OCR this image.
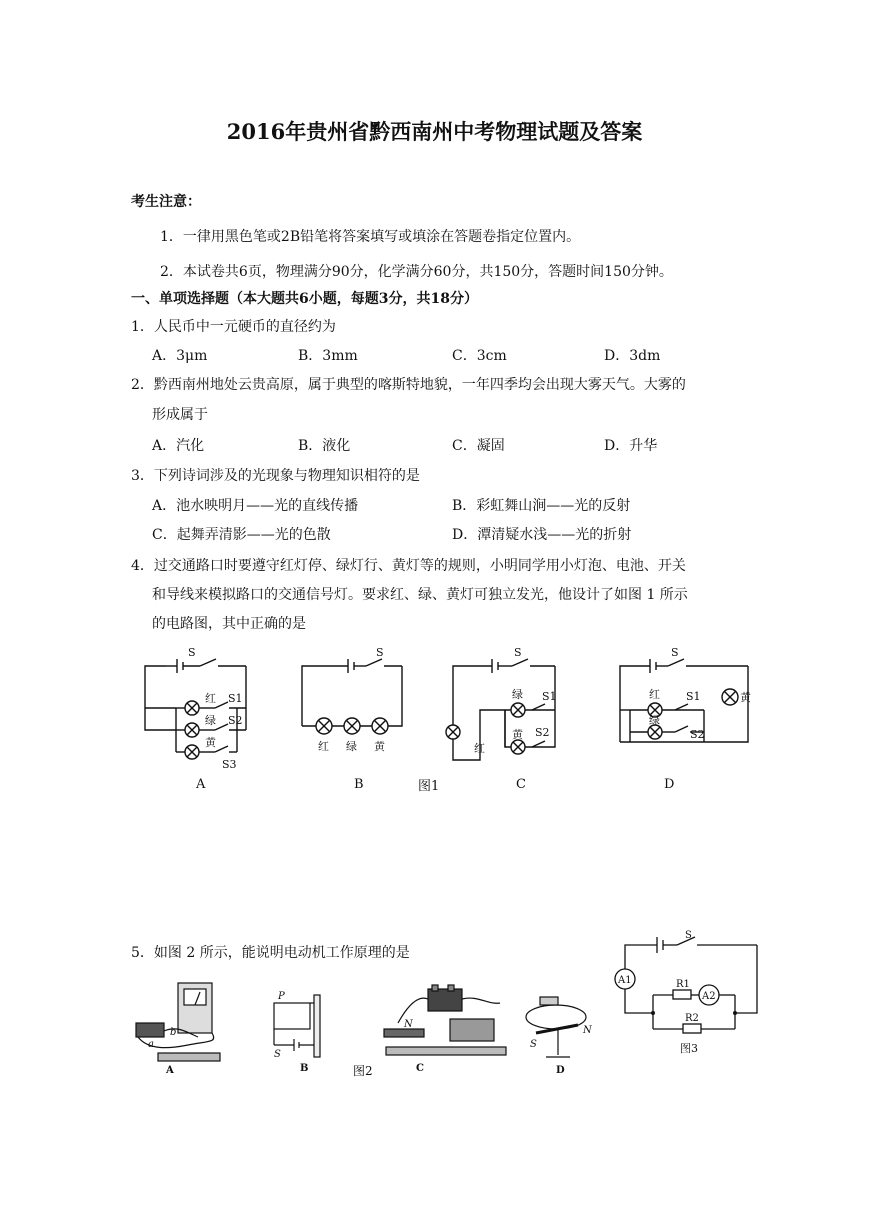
2016年贵州省黔西南州中考物理试题及答案
考生注意：
1．一律用黑色笔或2B铅笔将答案填写或填涂在答题卷指定位置内。
2．本试卷共6页，物理满分90分，化学满分60分，共150分，答题时间150分钟。
一、单项选择题（本大题共6小题，每题3分，共18分）
1．人民币中一元硬币的直径约为
A．3μm	B．3mm	C．3cm	D．3dm
2．黔西南州地处云贵高原，属于典型的喀斯特地貌，一年四季均会出现大雾天气。大雾的
形成属于
A．汽化	B．液化	C．凝固	D．升华
3．下列诗词涉及的光现象与物理知识相符的是
A．池水映明月——光的直线传播	B．彩虹舞山涧——光的反射
C．起舞弄清影——光的色散	D．潭清疑水浅——光的折射
4．过交通路口时要遵守红灯停、绿灯行、黄灯等的规则，小明同学用小灯泡、电池、开关
和导线来模拟路口的交通信号灯。要求红、绿、黄灯可独立发光，他设计了如图 1 所示
的电路图，其中正确的是
S
红 S1
绿 S2
黄
S3
S
红 绿 黄
S
绿 S1
黄 S2
红
S
红 S1
绿
S2
黄
A	B	图1	C	D
5．如图 2 所示，能说明电动机工作原理的是
S
A1	R1
A2
R2
图3
b
a
P
S
N
S
N
A	B	C	D
图2
